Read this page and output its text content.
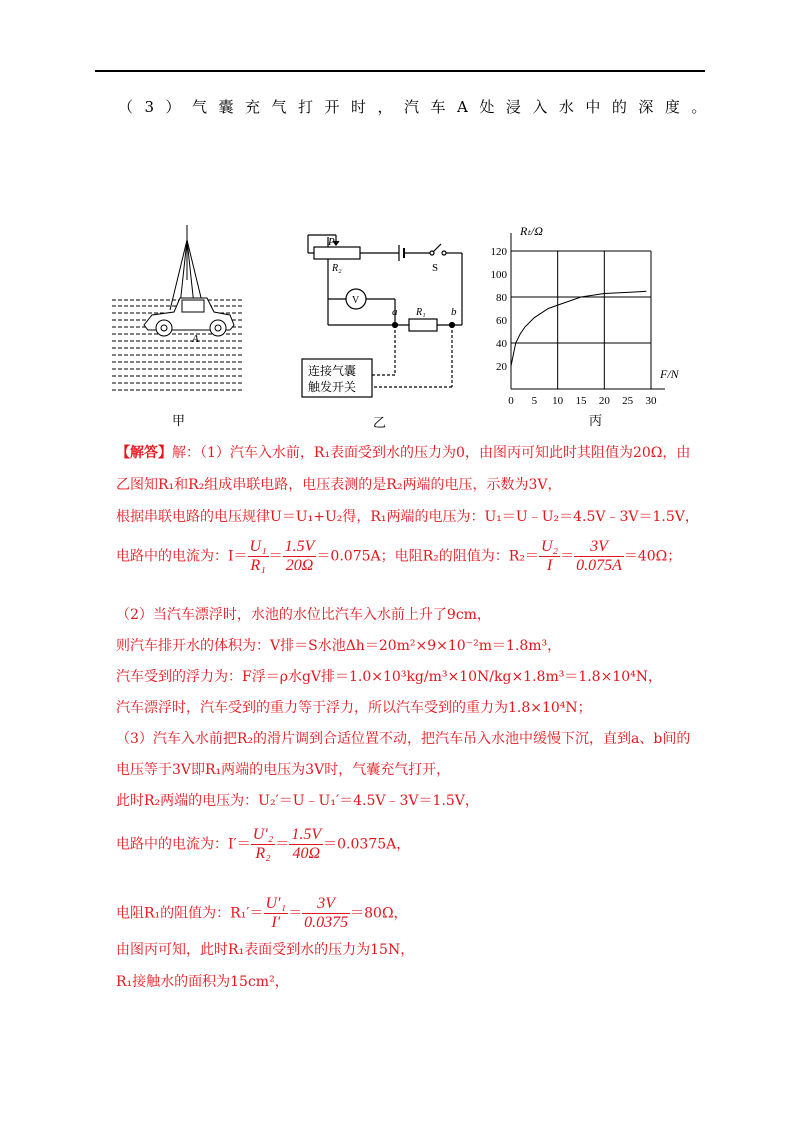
（3）气囊充气打开时，汽车A处浸入水中的深度。
A
甲
P
R₂	S
V
a	b
R₁
连接气囊
触发开关
乙
120
100
80
60
40
20
0 5 10 15 20 25 30
Rₜ/Ω
F/N
丙
【解答】解：（1）汽车入水前，R₁表面受到水的压力为0，由图丙可知此时其阻值为20Ω，由
乙图知R₁和R₂组成串联电路，电压表测的是R₂两端的电压，示数为3V，
根据串联电路的电压规律U＝U₁+U₂得，R₁两端的电压为：U₁＝U﹣U₂＝4.5V﹣3V＝1.5V，
电路中的电流为：$I= \frac{\text{U₁}}{\text{R₁}} = \frac{1.5V}{20\Omega} =0.075A$；电阻R₂的阻值为：$R_2= \frac{\text{U₂}}{I} = \frac{3V}{0.075A} =40\Omega$；
（2）当汽车漂浮时，水池的水位比汽车入水前上升了9cm，
则汽车排开水的体积为：V排＝S水池Δh＝20m²×9×10⁻²m＝1.8m³，
汽车受到的浮力为：F浮＝ρ水gV排＝1.0×10³kg/m³×10N/kg×1.8m³＝1.8×10⁴N，
汽车漂浮时，汽车受到的重力等于浮力，所以汽车受到的重力为1.8×10⁴N；
（3）汽车入水前把R₂的滑片调到合适位置不动，把汽车吊入水池中缓慢下沉，直到a、b间的
电压等于3V即R₁两端的电压为3V时，气囊充气打开，
此时R₂两端的电压为：U₂′＝U﹣U₁′＝4.5V﹣3V＝1.5V，
电路中的电流为：$I'= \frac{\text{U′₂}}{\text{R₂}} = \frac{1.5V}{40\Omega} =0.0375A$，
电阻R₁的阻值为：$R_1'= \frac{\text{U′₁}}{I'} = \frac{3V}{0.0375} =80\Omega$，
由图丙可知，此时R₁表面受到水的压力为15N，
R₁接触水的面积为15cm²，
